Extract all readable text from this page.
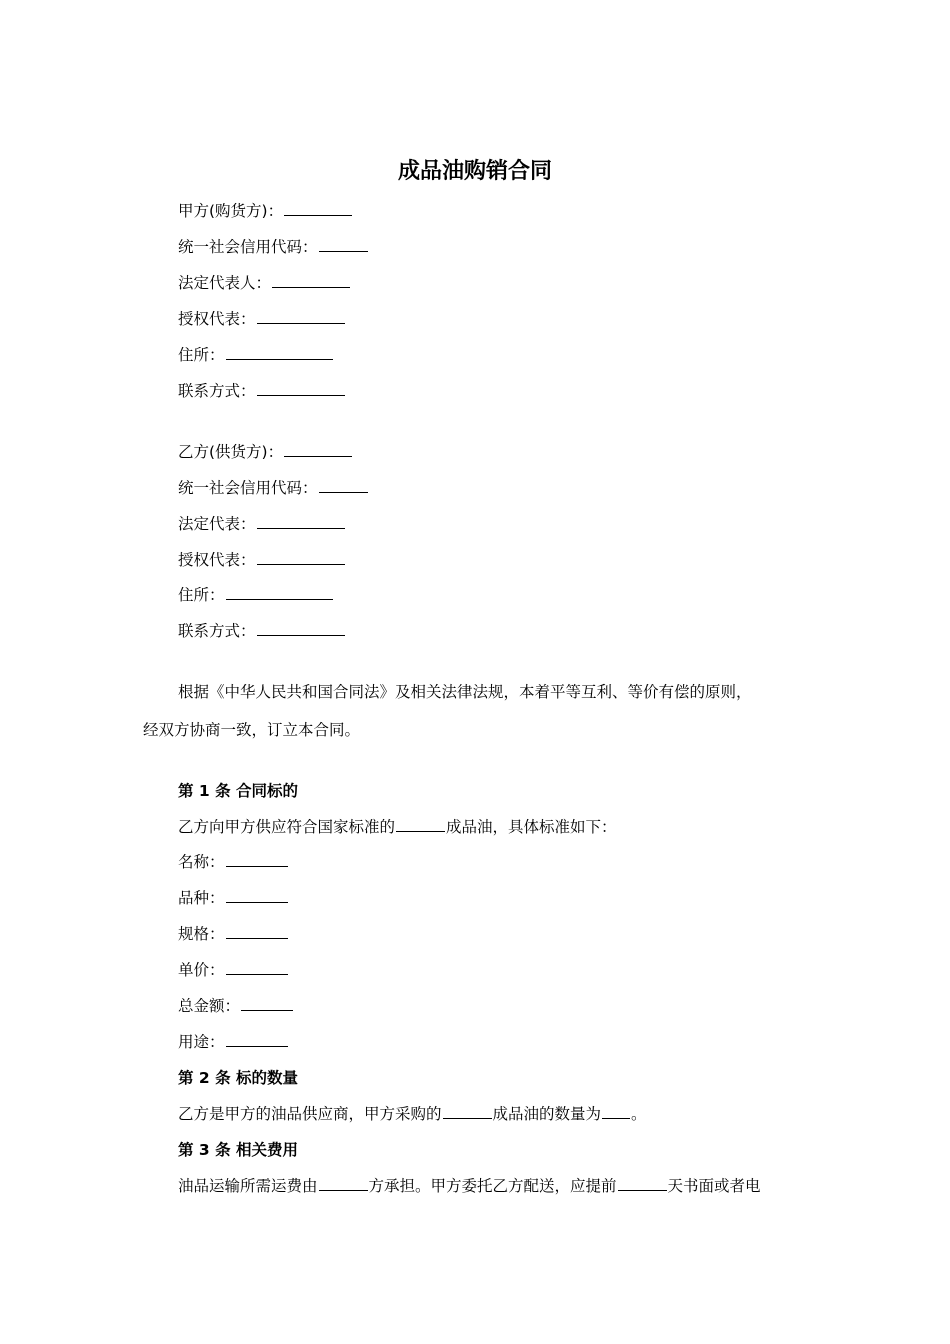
成品油购销合同
甲方(购货方)：
统一社会信用代码：
法定代表人：
授权代表：
住所：
联系方式：
乙方(供货方)：
统一社会信用代码：
法定代表：
授权代表：
住所：
联系方式：
根据《中华人民共和国合同法》及相关法律法规，本着平等互利、等价有偿的原则，
经双方协商一致，订立本合同。
第 1 条 合同标的
乙方向甲方供应符合国家标准的	成品油，具体标准如下：
名称：
品种：
规格：
单价：
总金额：
用途：
第 2 条 标的数量
乙方是甲方的油品供应商，甲方采购的	成品油的数量为 。
第 3 条 相关费用
油品运输所需运费由	方承担。甲方委托乙方配送，应提前	天书面或者电
